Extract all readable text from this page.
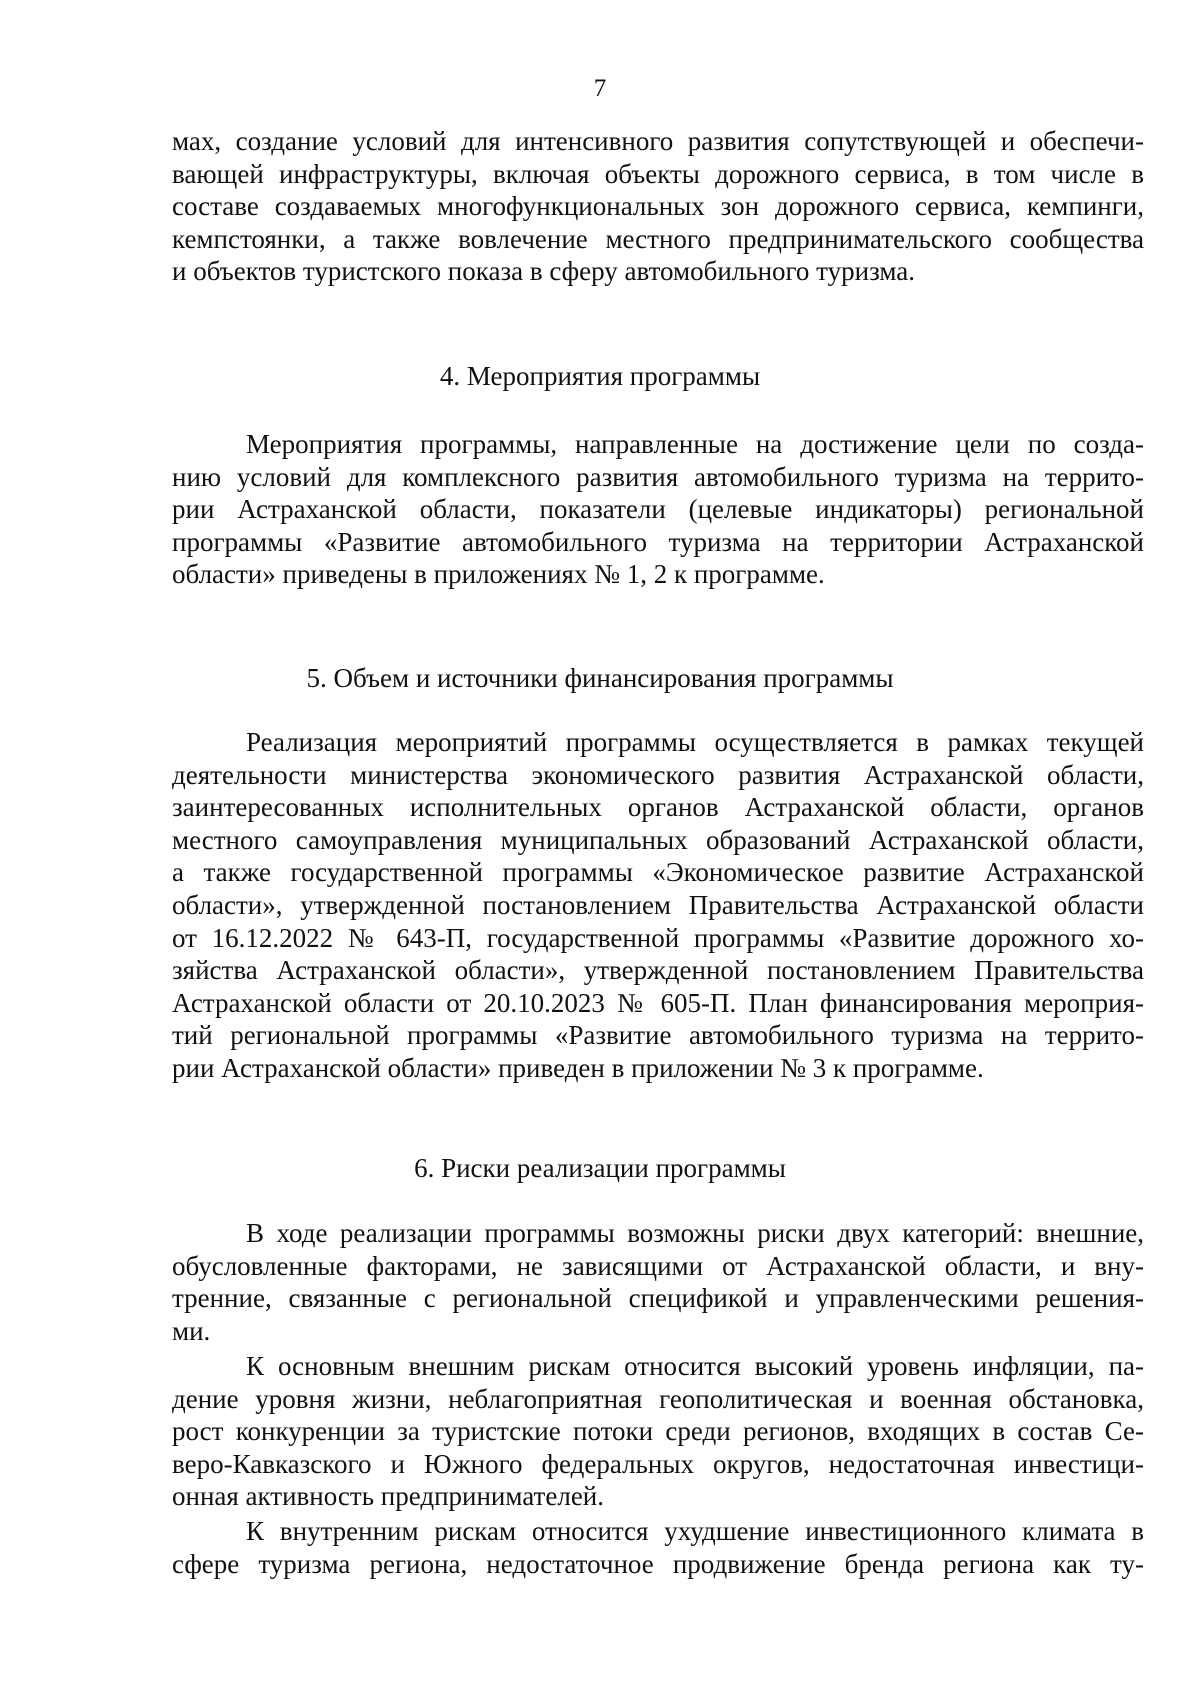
7
мах, создание условий для интенсивного развития сопутствующей и обеспечи-
вающей инфраструктуры, включая объекты дорожного сервиса, в том числе в
составе создаваемых многофункциональных зон дорожного сервиса, кемпинги,
кемпстоянки, а также вовлечение местного предпринимательского сообщества
и объектов туристского показа в сферу автомобильного туризма.
4. Мероприятия программы
Мероприятия программы, направленные на достижение цели по созда-
нию условий для комплексного развития автомобильного туризма на террито-
рии Астраханской области, показатели (целевые индикаторы) региональной
программы «Развитие автомобильного туризма на территории Астраханской
области» приведены в приложениях № 1, 2 к программе.
5. Объем и источники финансирования программы
Реализация мероприятий программы осуществляется в рамках текущей
деятельности министерства экономического развития Астраханской области,
заинтересованных исполнительных органов Астраханской области, органов
местного самоуправления муниципальных образований Астраханской области,
а также государственной программы «Экономическое развитие Астраханской
области», утвержденной постановлением Правительства Астраханской области
от 16.12.2022 № 643-П, государственной программы «Развитие дорожного хо-
зяйства Астраханской области», утвержденной постановлением Правительства
Астраханской области от 20.10.2023 № 605-П. План финансирования мероприя-
тий региональной программы «Развитие автомобильного туризма на террито-
рии Астраханской области» приведен в приложении № 3 к программе.
6. Риски реализации программы
В ходе реализации программы возможны риски двух категорий: внешние,
обусловленные факторами, не зависящими от Астраханской области, и вну-
тренние, связанные с региональной спецификой и управленческими решения-
ми.
К основным внешним рискам относится высокий уровень инфляции, па-
дение уровня жизни, неблагоприятная геополитическая и военная обстановка,
рост конкуренции за туристские потоки среди регионов, входящих в состав Се-
веро-Кавказского и Южного федеральных округов, недостаточная инвестици-
онная активность предпринимателей.
К внутренним рискам относится ухудшение инвестиционного климата в
сфере туризма региона, недостаточное продвижение бренда региона как ту-
